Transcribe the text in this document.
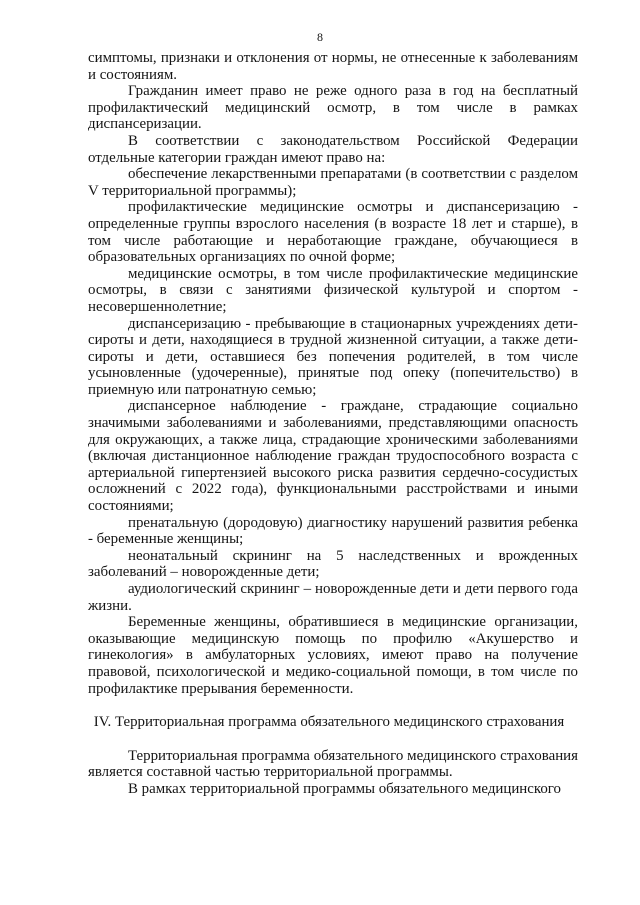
8

симптомы, признаки и отклонения от нормы, не отнесенные к заболеваниям и состояниям.

Гражданин имеет право не реже одного раза в год на бесплатный профилактический медицинский осмотр, в том числе в рамках диспансеризации.

В соответствии с законодательством Российской Федерации отдельные категории граждан имеют право на:

обеспечение лекарственными препаратами (в соответствии с разделом V территориальной программы);

профилактические медицинские осмотры и диспансеризацию - определенные группы взрослого населения (в возрасте 18 лет и старше), в том числе работающие и неработающие граждане, обучающиеся в образовательных организациях по очной форме;

медицинские осмотры, в том числе профилактические медицинские осмотры, в связи с занятиями физической культурой и спортом - несовершеннолетние;

диспансеризацию - пребывающие в стационарных учреждениях дети-сироты и дети, находящиеся в трудной жизненной ситуации, а также дети-сироты и дети, оставшиеся без попечения родителей, в том числе усыновленные (удочеренные), принятые под опеку (попечительство) в приемную или патронатную семью;

диспансерное наблюдение - граждане, страдающие социально значимыми заболеваниями и заболеваниями, представляющими опасность для окружающих, а также лица, страдающие хроническими заболеваниями (включая дистанционное наблюдение граждан трудоспособного возраста с артериальной гипертензией высокого риска развития сердечно-сосудистых осложнений с 2022 года), функциональными расстройствами и иными состояниями;

пренатальную (дородовую) диагностику нарушений развития ребенка - беременные женщины;

неонатальный скрининг на 5 наследственных и врожденных заболеваний – новорожденные дети;

аудиологический скрининг – новорожденные дети и дети первого года жизни.

Беременные женщины, обратившиеся в медицинские организации, оказывающие медицинскую помощь по профилю «Акушерство и гинекология» в амбулаторных условиях, имеют право на получение правовой, психологической и медико-социальной помощи, в том числе по профилактике прерывания беременности.

IV. Территориальная программа обязательного медицинского страхования

Территориальная программа обязательного медицинского страхования является составной частью территориальной программы.

В рамках территориальной программы обязательного медицинского
